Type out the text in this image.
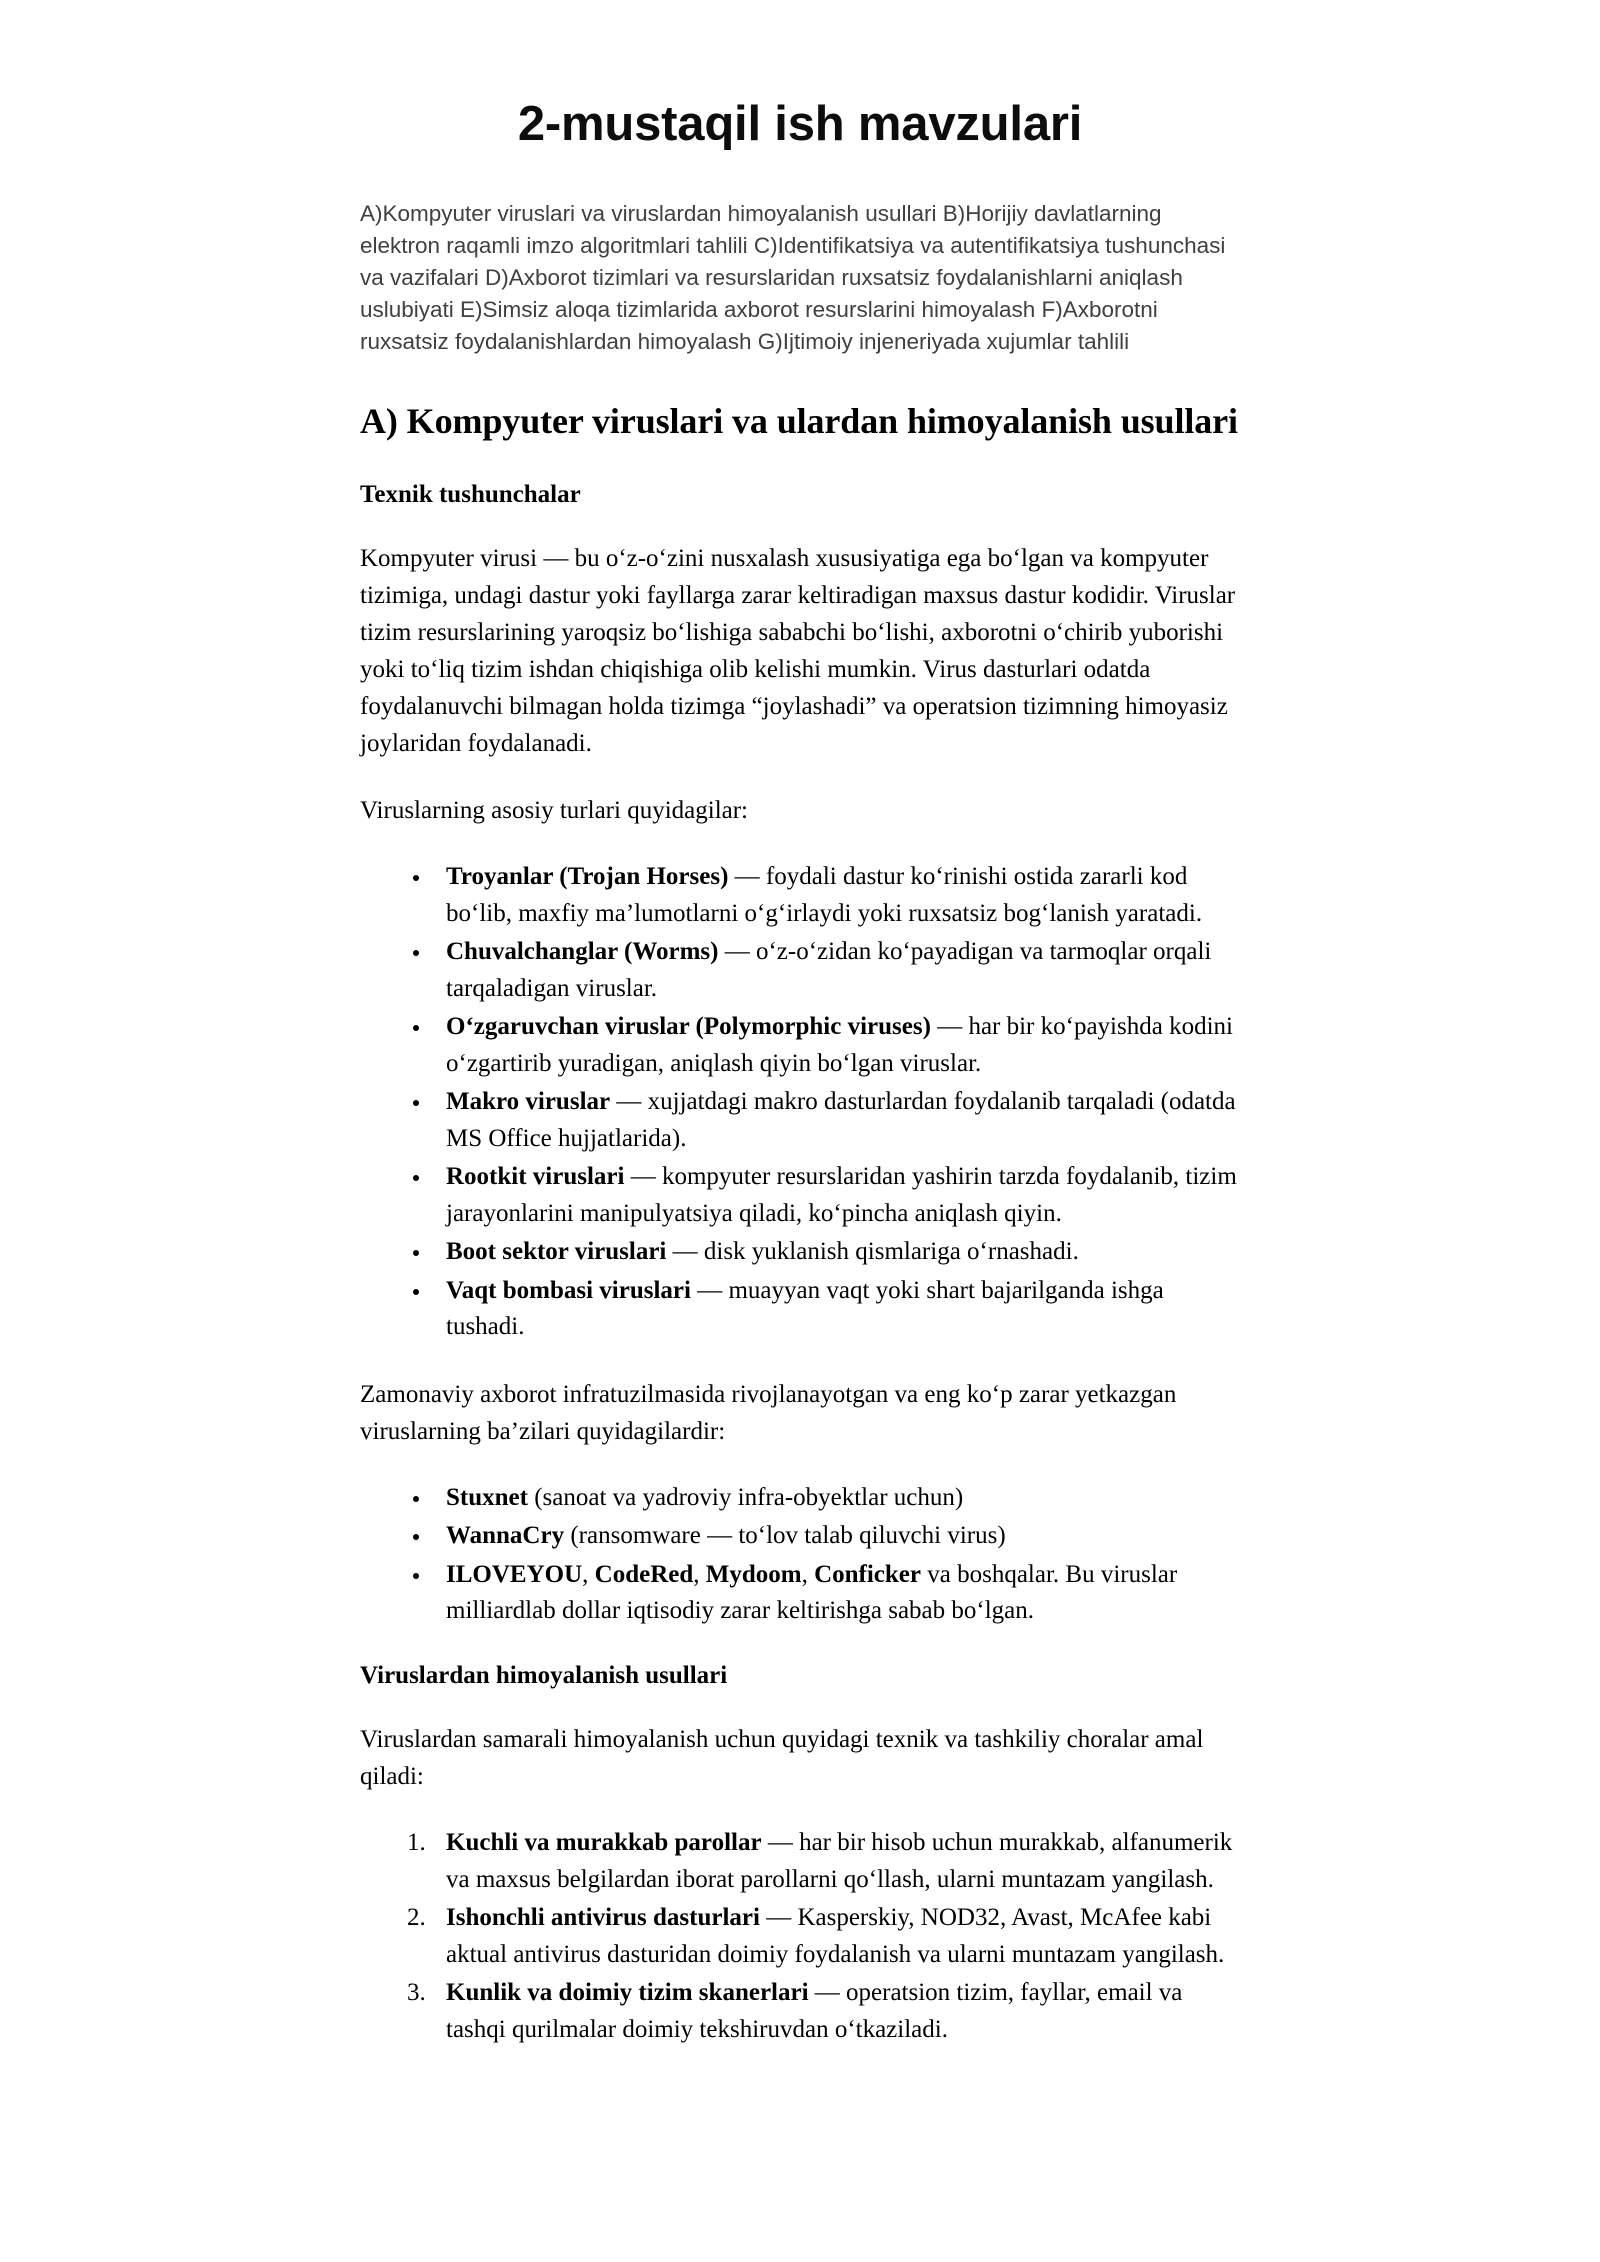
2-mustaqil ish mavzulari

A)Kompyuter viruslari va viruslardan himoyalanish usullari B)Horijiy davlatlarning elektron raqamli imzo algoritmlari tahlili C)Identifikatsiya va autentifikatsiya tushunchasi va vazifalari D)Axborot tizimlari va resurslaridan ruxsatsiz foydalanishlarni aniqlash uslubiyati E)Simsiz aloqa tizimlarida axborot resurslarini himoyalash F)Axborotni ruxsatsiz foydalanishlardan himoyalash G)Ijtimoiy injeneriyada xujumlar tahlili

A) Kompyuter viruslari va ulardan himoyalanish usullari
Texnik tushunchalar

Kompyuter virusi — bu o‘z-o‘zini nusxalash xususiyatiga ega bo‘lgan va kompyuter tizimiga, undagi dastur yoki fayllarga zarar keltiradigan maxsus dastur kodidir. Viruslar tizim resurslarining yaroqsiz bo‘lishiga sababchi bo‘lishi, axborotni o‘chirib yuborishi yoki to‘liq tizim ishdan chiqishiga olib kelishi mumkin. Virus dasturlari odatda foydalanuvchi bilmagan holda tizimga “joylashadi” va operatsion tizimning himoyasiz joylaridan foydalanadi.

Viruslarning asosiy turlari quyidagilar:

• Troyanlar (Trojan Horses) — foydali dastur ko‘rinishi ostida zararli kod bo‘lib, maxfiy ma’lumotlarni o‘g‘irlaydi yoki ruxsatsiz bog‘lanish yaratadi.
• Chuvalchanglar (Worms) — o‘z-o‘zidan ko‘payadigan va tarmoqlar orqali tarqaladigan viruslar.
• O‘zgaruvchan viruslar (Polymorphic viruses) — har bir ko‘payishda kodini o‘zgartirib yuradigan, aniqlash qiyin bo‘lgan viruslar.
• Makro viruslar — xujjatdagi makro dasturlardan foydalanib tarqaladi (odatda MS Office hujjatlarida).
• Rootkit viruslari — kompyuter resurslaridan yashirin tarzda foydalanib, tizim jarayonlarini manipulyatsiya qiladi, ko‘pincha aniqlash qiyin.
• Boot sektor viruslari — disk yuklanish qismlariga o‘rnashadi.
• Vaqt bombasi viruslari — muayyan vaqt yoki shart bajarilganda ishga tushadi.

Zamonaviy axborot infratuzilmasida rivojlanayotgan va eng ko‘p zarar yetkazgan viruslarning ba’zilari quyidagilardir:

• Stuxnet (sanoat va yadroviy infra-obyektlar uchun)
• WannaCry (ransomware — to‘lov talab qiluvchi virus)
• ILOVEYOU, CodeRed, Mydoom, Conficker va boshqalar. Bu viruslar milliardlab dollar iqtisodiy zarar keltirishga sabab bo‘lgan.
Viruslardan himoyalanish usullari

Viruslardan samarali himoyalanish uchun quyidagi texnik va tashkiliy choralar amal qiladi:

1. Kuchli va murakkab parollar — har bir hisob uchun murakkab, alfanumerik va maxsus belgilardan iborat parollarni qo‘llash, ularni muntazam yangilash.
2. Ishonchli antivirus dasturlari — Kasperskiy, NOD32, Avast, McAfee kabi aktual antivirus dasturidan doimiy foydalanish va ularni muntazam yangilash.
3. Kunlik va doimiy tizim skanerlari — operatsion tizim, fayllar, email va tashqi qurilmalar doimiy tekshiruvdan o‘tkaziladi.
